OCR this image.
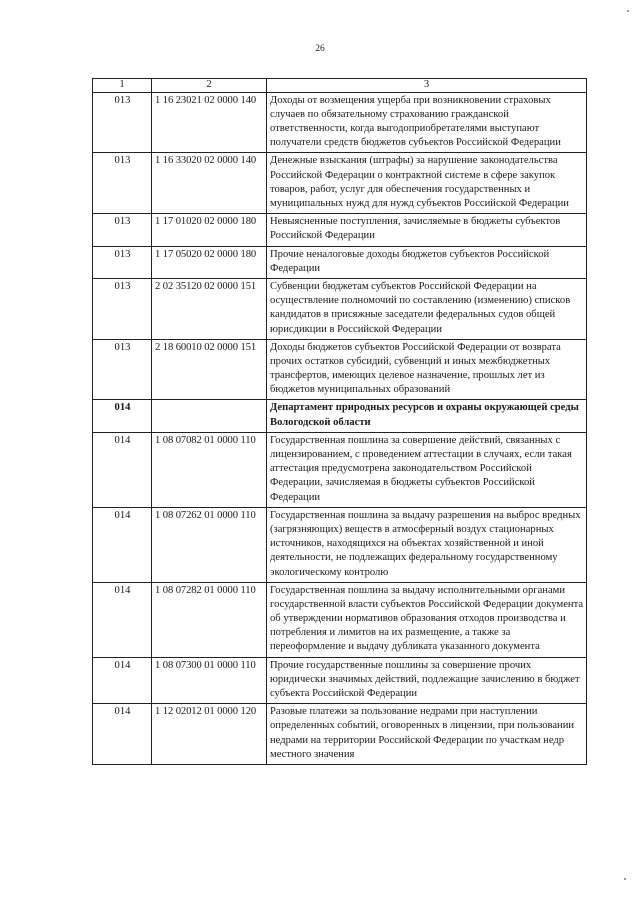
26
1	2	3
013	1 16 23021 02 0000 140	Доходы от возмещения ущерба при возникновении страховых случаев по обязательному страхованию гражданской ответственности, когда выгодоприобретателями выступают получатели средств бюджетов субъектов Российской Федерации
013	1 16 33020 02 0000 140	Денежные взыскания (штрафы) за нарушение законодательства Российской Федерации о контрактной системе в сфере закупок товаров, работ, услуг для обеспечения государственных и муниципальных нужд для нужд субъектов Российской Федерации
013	1 17 01020 02 0000 180	Невыясненные поступления, зачисляемые в бюджеты субъектов Российской Федерации
013	1 17 05020 02 0000 180	Прочие неналоговые доходы бюджетов субъектов Российской Федерации
013	2 02 35120 02 0000 151	Субвенции бюджетам субъектов Российской Федерации на осуществление полномочий по составлению (изменению) списков кандидатов в присяжные заседатели федеральных судов общей юрисдикции в Российской Федерации
013	2 18 60010 02 0000 151	Доходы бюджетов субъектов Российской Федерации от возврата прочих остатков субсидий, субвенций и иных межбюджетных трансфертов, имеющих целевое назначение, прошлых лет из бюджетов муниципальных образований
014		Департамент природных ресурсов и охраны окружающей среды Вологодской области
014	1 08 07082 01 0000 110	Государственная пошлина за совершение действий, связанных с лицензированием, с проведением аттестации в случаях, если такая аттестация предусмотрена законодательством Российской Федерации, зачисляемая в бюджеты субъектов Российской Федерации
014	1 08 07262 01 0000 110	Государственная пошлина за выдачу разрешения на выброс вредных (загрязняющих) веществ в атмосферный воздух стационарных источников, находящихся на объектах хозяйственной и иной деятельности, не подлежащих федеральному государственному экологическому контролю
014	1 08 07282 01 0000 110	Государственная пошлина за выдачу исполнительными органами государственной власти субъектов Российской Федерации документа об утверждении нормативов образования отходов производства и потребления и лимитов на их размещение, а также за переоформление и выдачу дубликата указанного документа
014	1 08 07300 01 0000 110	Прочие государственные пошлины за совершение прочих юридически значимых действий, подлежащие зачислению в бюджет субъекта Российской Федерации
014	1 12 02012 01 0000 120	Разовые платежи за пользование недрами при наступлении определенных событий, оговоренных в лицензии, при пользовании недрами на территории Российской Федерации по участкам недр местного значения
